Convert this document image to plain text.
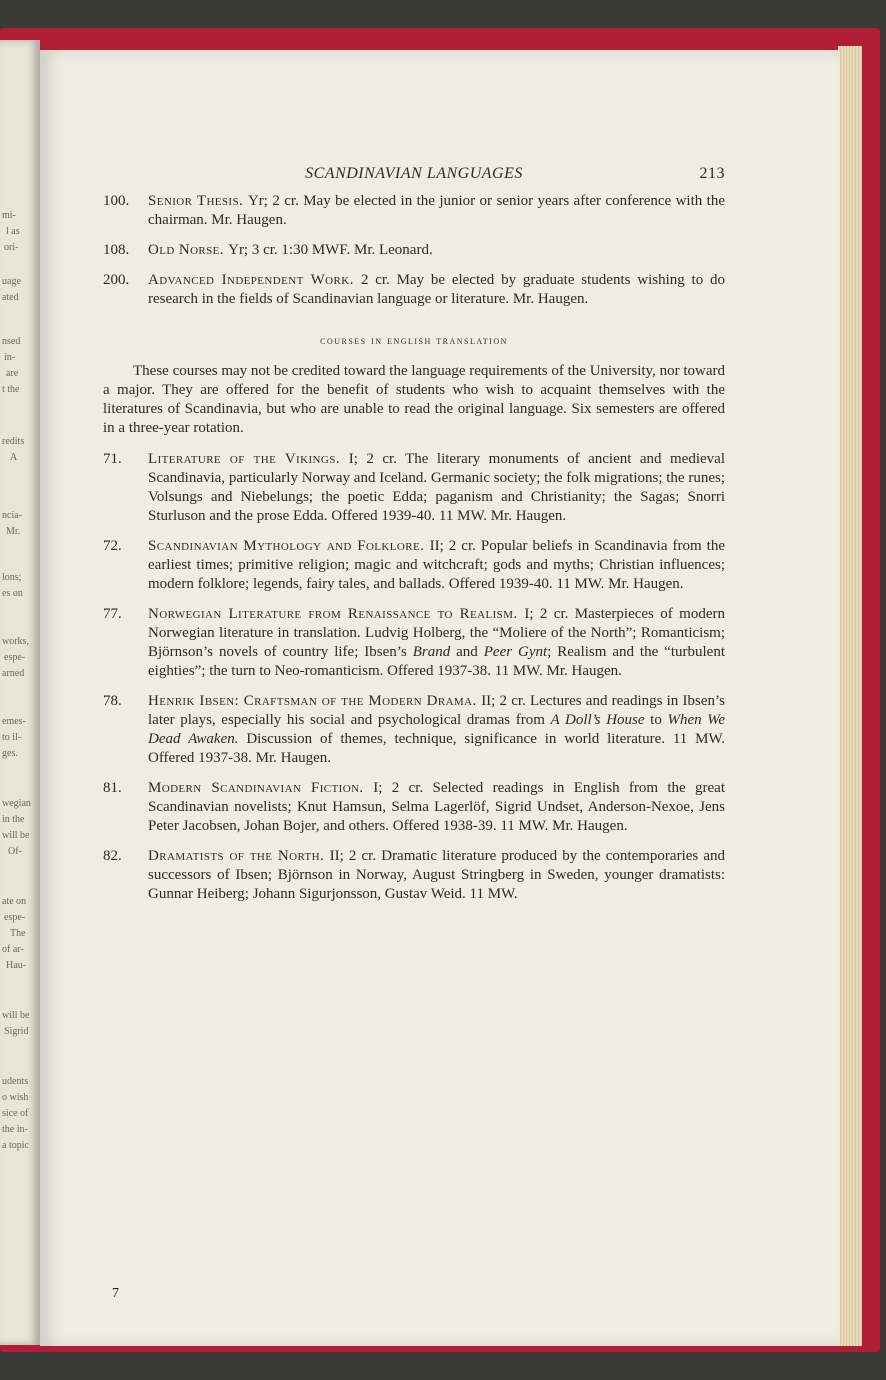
mi-
l as
ori-
uage
ated
nsed
in-
are
t the
redits
A
ncia-
Mr.
lons;
es on
works,
espe-
arned
emes-
to il-
ges.
wegian
in the
will be
Of-
ate on
espe-
The
of ar-
Hau-
will be
Sigrid
udents
o wish
sice of
the in-
a topic
SCANDINAVIAN LANGUAGES	213
100. Senior Thesis. Yr; 2 cr. May be elected in the junior or senior years after conference with the chairman. Mr. Haugen.
108. Old Norse. Yr; 3 cr. 1:30 MWF. Mr. Leonard.
200. Advanced Independent Work. 2 cr. May be elected by graduate students wishing to do research in the fields of Scandinavian language or literature. Mr. Haugen.
courses in english translation
These courses may not be credited toward the language requirements of the University, nor toward a major. They are offered for the benefit of students who wish to acquaint themselves with the literatures of Scandinavia, but who are unable to read the original language. Six semesters are offered in a three-year rotation.
71. Literature of the Vikings. I; 2 cr. The literary monuments of ancient and medieval Scandinavia, particularly Norway and Iceland. Germanic society; the folk migrations; the runes; Volsungs and Niebelungs; the poetic Edda; paganism and Christianity; the Sagas; Snorri Sturluson and the prose Edda. Offered 1939-40. 11 MW. Mr. Haugen.
72. Scandinavian Mythology and Folklore. II; 2 cr. Popular beliefs in Scandinavia from the earliest times; primitive religion; magic and witchcraft; gods and myths; Christian influences; modern folklore; legends, fairy tales, and ballads. Offered 1939-40. 11 MW. Mr. Haugen.
77. Norwegian Literature from Renaissance to Realism. I; 2 cr. Masterpieces of modern Norwegian literature in translation. Ludvig Holberg, the “Moliere of the North”; Romanticism; Björnson’s novels of country life; Ibsen’s Brand and Peer Gynt; Realism and the “turbulent eighties”; the turn to Neo-romanticism. Offered 1937-38. 11 MW. Mr. Haugen.
78. Henrik Ibsen: Craftsman of the Modern Drama. II; 2 cr. Lectures and readings in Ibsen’s later plays, especially his social and psychological dramas from A Doll’s House to When We Dead Awaken. Discussion of themes, technique, significance in world literature. 11 MW. Offered 1937-38. Mr. Haugen.
81. Modern Scandinavian Fiction. I; 2 cr. Selected readings in English from the great Scandinavian novelists; Knut Hamsun, Selma Lagerlöf, Sigrid Undset, Anderson-Nexoe, Jens Peter Jacobsen, Johan Bojer, and others. Offered 1938-39. 11 MW. Mr. Haugen.
82. Dramatists of the North. II; 2 cr. Dramatic literature produced by the contemporaries and successors of Ibsen; Björnson in Norway, August Stringberg in Sweden, younger dramatists: Gunnar Heiberg; Johann Sigurjonsson, Gustav Weid. 11 MW.
7
